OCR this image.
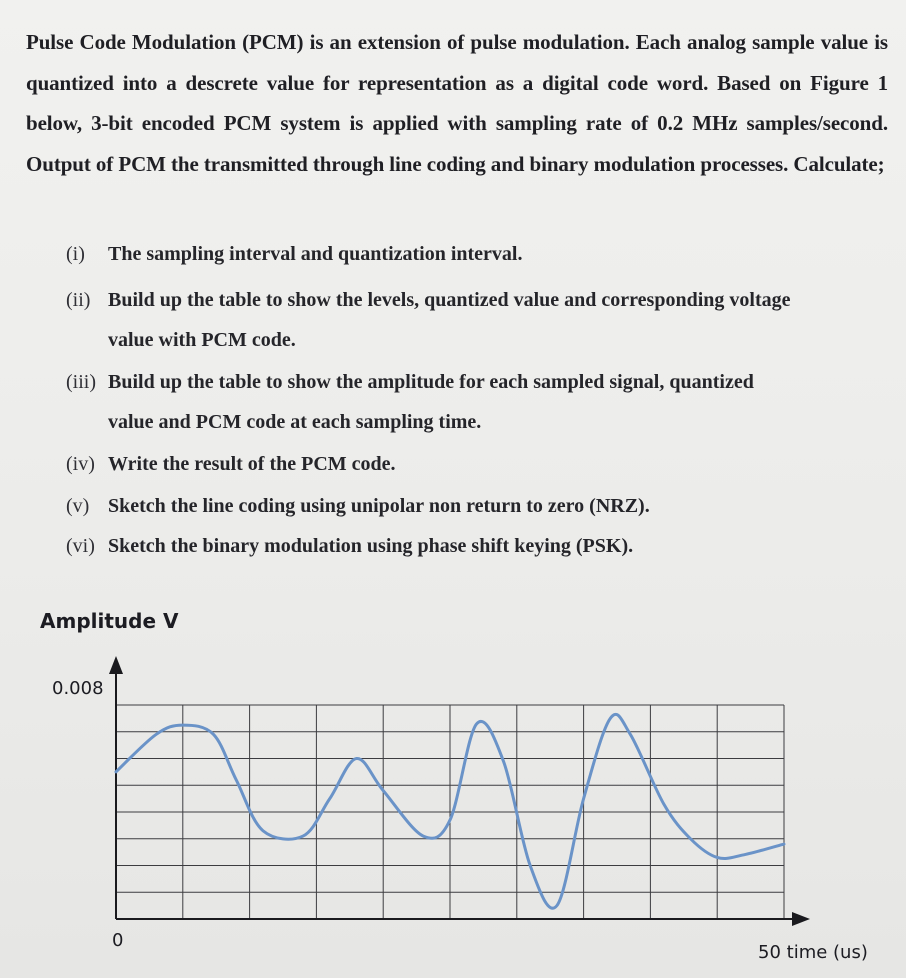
Pulse Code Modulation (PCM) is an extension of pulse modulation. Each analog sample value is quantized into a descrete value for representation as a digital code word. Based on Figure 1 below, 3-bit encoded PCM system is applied with sampling rate of 0.2 MHz samples/second. Output of PCM the transmitted through line coding and binary modulation processes. Calculate;
(i) The sampling interval and quantization interval.
(ii) Build up the table to show the levels, quantized value and corresponding voltage
value with PCM code.
(iii) Build up the table to show the amplitude for each sampled signal, quantized
value and PCM code at each sampling time.
(iv) Write the result of the PCM code.
(v) Sketch the line coding using unipolar non return to zero (NRZ).
(vi) Sketch the binary modulation using phase shift keying (PSK).
Amplitude V
0.008
0
50 time (us)
